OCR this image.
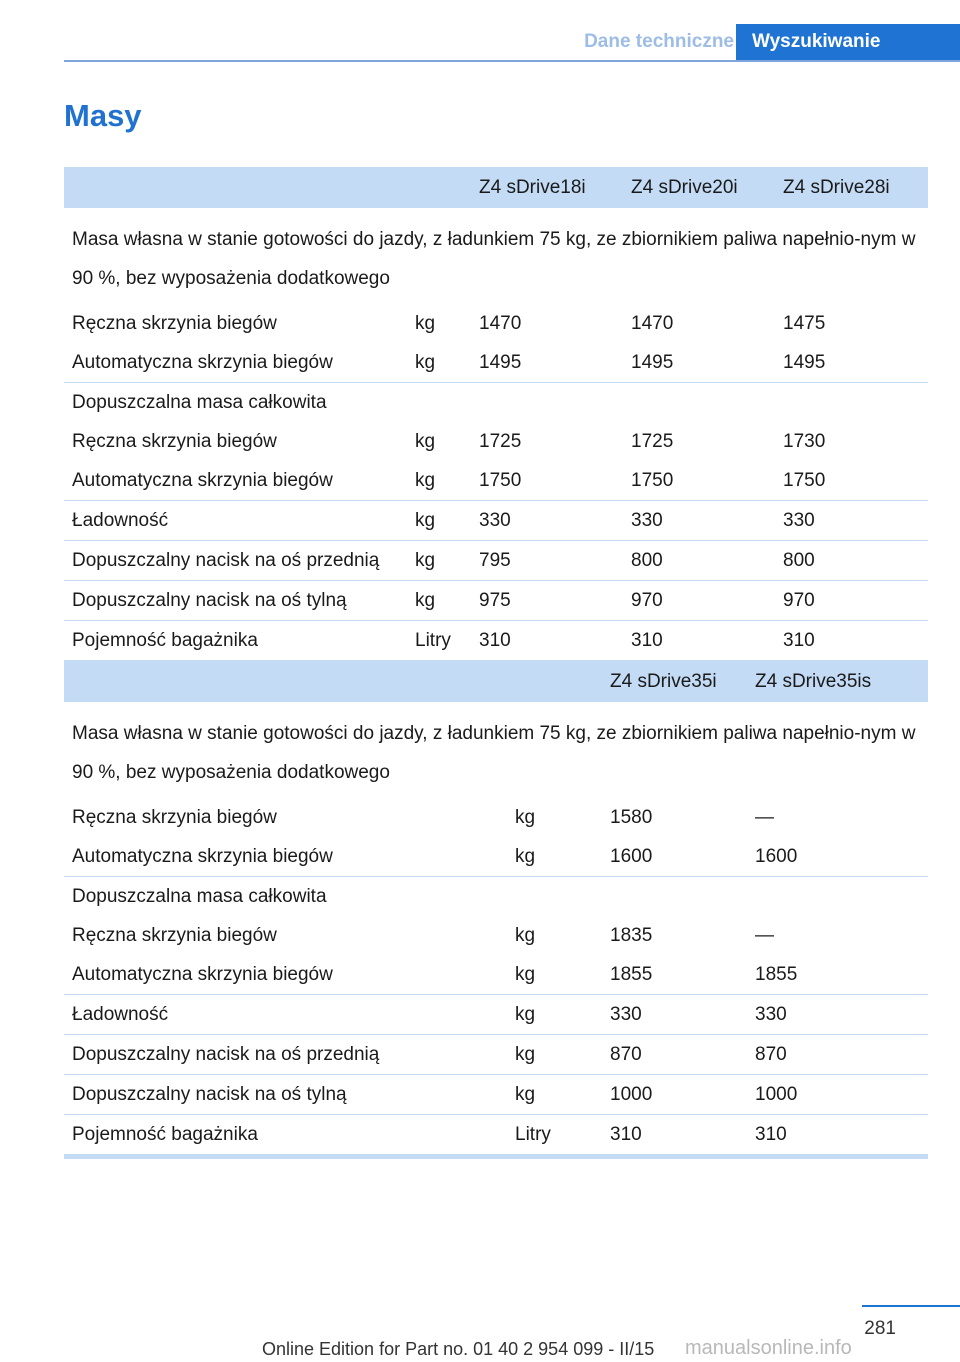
Dane techniczne Wyszukiwanie
Masy
		Z4 sDrive18i	Z4 sDrive20i	Z4 sDrive28i
Masa własna w stanie gotowości do jazdy, z ładunkiem 75 kg, ze zbiornikiem paliwa napełnio-nym w 90 %, bez wyposażenia dodatkowego				
Ręczna skrzynia biegów	kg	1470	1470	1475
Automatyczna skrzynia biegów	kg	1495	1495	1495
Dopuszczalna masa całkowita				
Ręczna skrzynia biegów	kg	1725	1725	1730
Automatyczna skrzynia biegów	kg	1750	1750	1750
Ładowność	kg	330	330	330
Dopuszczalny nacisk na oś przednią	kg	795	800	800
Dopuszczalny nacisk na oś tylną	kg	975	970	970
Pojemność bagażnika	Litry	310	310	310
		Z4 sDrive35i	Z4 sDrive35is
Masa własna w stanie gotowości do jazdy, z ładunkiem 75 kg, ze zbiornikiem paliwa napełnio-nym w 90 %, bez wyposażenia dodatkowego			
Ręczna skrzynia biegów	kg	1580	—
Automatyczna skrzynia biegów	kg	1600	1600
Dopuszczalna masa całkowita			
Ręczna skrzynia biegów	kg	1835	—
Automatyczna skrzynia biegów	kg	1855	1855
Ładowność	kg	330	330
Dopuszczalny nacisk na oś przednią	kg	870	870
Dopuszczalny nacisk na oś tylną	kg	1000	1000
Pojemność bagażnika	Litry	310	310
281
Online Edition for Part no. 01 40 2 954 099 - II/15 manualsonline.info
